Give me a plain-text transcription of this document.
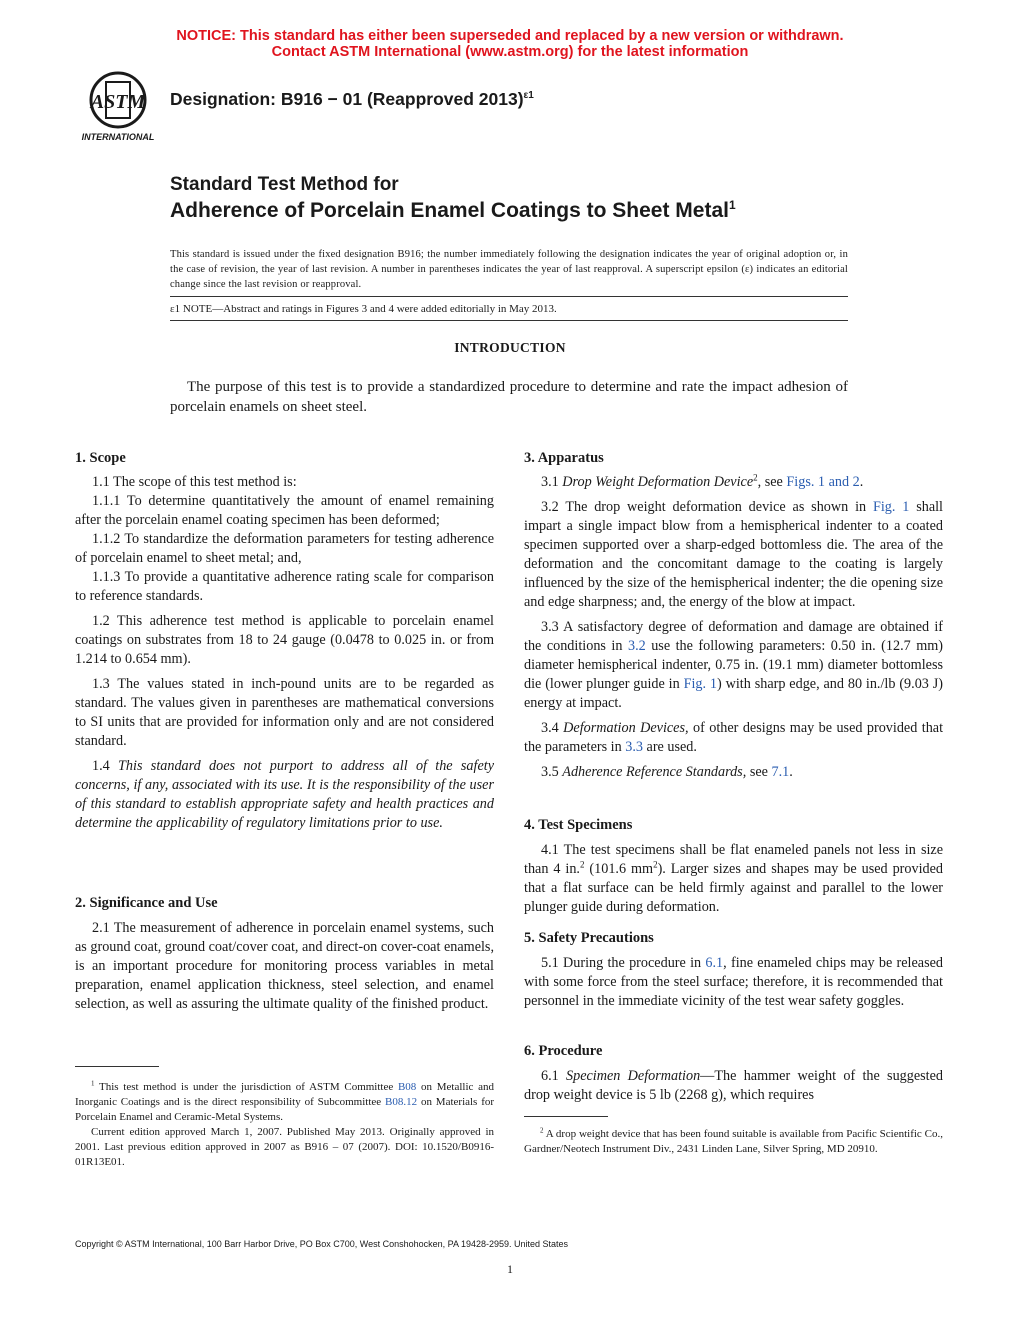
NOTICE: This standard has either been superseded and replaced by a new version or withdrawn.
Contact ASTM International (www.astm.org) for the latest information
ASTM
INTERNATIONAL
Designation: B916 − 01 (Reapproved 2013)$^{\varepsilon 1}$
Standard Test Method for
Adherence of Porcelain Enamel Coatings to Sheet Metal$^1$
This standard is issued under the fixed designation B916; the number immediately following the designation indicates the year of original adoption or, in the case of revision, the year of last revision. A number in parentheses indicates the year of last reapproval. A superscript epsilon (ε) indicates an editorial change since the last revision or reapproval.
ε1 NOTE—Abstract and ratings in Figures 3 and 4 were added editorially in May 2013.
INTRODUCTION
The purpose of this test is to provide a standardized procedure to determine and rate the impact adhesion of porcelain enamels on sheet steel.
1. Scope
1.1 The scope of this test method is:
1.1.1 To determine quantitatively the amount of enamel remaining after the porcelain enamel coating specimen has been deformed;
1.1.2 To standardize the deformation parameters for testing adherence of porcelain enamel to sheet metal; and,
1.1.3 To provide a quantitative adherence rating scale for comparison to reference standards.
1.2 This adherence test method is applicable to porcelain enamel coatings on substrates from 18 to 24 gauge (0.0478 to 0.025 in. or from 1.214 to 0.654 mm).
1.3 The values stated in inch-pound units are to be regarded as standard. The values given in parentheses are mathematical conversions to SI units that are provided for information only and are not considered standard.
1.4 This standard does not purport to address all of the safety concerns, if any, associated with its use. It is the responsibility of the user of this standard to establish appropriate safety and health practices and determine the applicability of regulatory limitations prior to use.
2. Significance and Use
2.1 The measurement of adherence in porcelain enamel systems, such as ground coat, ground coat/cover coat, and direct-on cover-coat enamels, is an important procedure for monitoring process variables in metal preparation, enamel application thickness, steel selection, and enamel selection, as well as assuring the ultimate quality of the finished product.
$^1$ This test method is under the jurisdiction of ASTM Committee B08 on Metallic and Inorganic Coatings and is the direct responsibility of Subcommittee B08.12 on Materials for Porcelain Enamel and Ceramic-Metal Systems.
Current edition approved March 1, 2007. Published May 2013. Originally approved in 2001. Last previous edition approved in 2007 as B916 – 07 (2007). DOI: 10.1520/B0916-01R13E01.
3. Apparatus
3.1 Drop Weight Deformation Device$^2$, see Figs. 1 and 2.
3.2 The drop weight deformation device as shown in Fig. 1 shall impart a single impact blow from a hemispherical indenter to a coated specimen supported over a sharp-edged bottomless die. The area of the deformation and the concomitant damage to the coating is largely influenced by the size of the hemispherical indenter; the die opening size and edge sharpness; and, the energy of the blow at impact.
3.3 A satisfactory degree of deformation and damage are obtained if the conditions in 3.2 use the following parameters: 0.50 in. (12.7 mm) diameter hemispherical indenter, 0.75 in. (19.1 mm) diameter bottomless die (lower plunger guide in Fig. 1) with sharp edge, and 80 in./lb (9.03 J) energy at impact.
3.4 Deformation Devices, of other designs may be used provided that the parameters in 3.3 are used.
3.5 Adherence Reference Standards, see 7.1.
4. Test Specimens
4.1 The test specimens shall be flat enameled panels not less in size than 4 in.$^2$ (101.6 $mm^2$). Larger sizes and shapes may be used provided that a flat surface can be held firmly against and parallel to the lower plunger guide during deformation.
5. Safety Precautions
5.1 During the procedure in 6.1, fine enameled chips may be released with some force from the steel surface; therefore, it is recommended that personnel in the immediate vicinity of the test wear safety goggles.
6. Procedure
6.1 Specimen Deformation—The hammer weight of the suggested drop weight device is 5 lb (2268 g), which requires
$^2$ A drop weight device that has been found suitable is available from Pacific Scientific Co., Gardner/Neotech Instrument Div., 2431 Linden Lane, Silver Spring, MD 20910.
Copyright © ASTM International, 100 Barr Harbor Drive, PO Box C700, West Conshohocken, PA 19428-2959. United States
1
